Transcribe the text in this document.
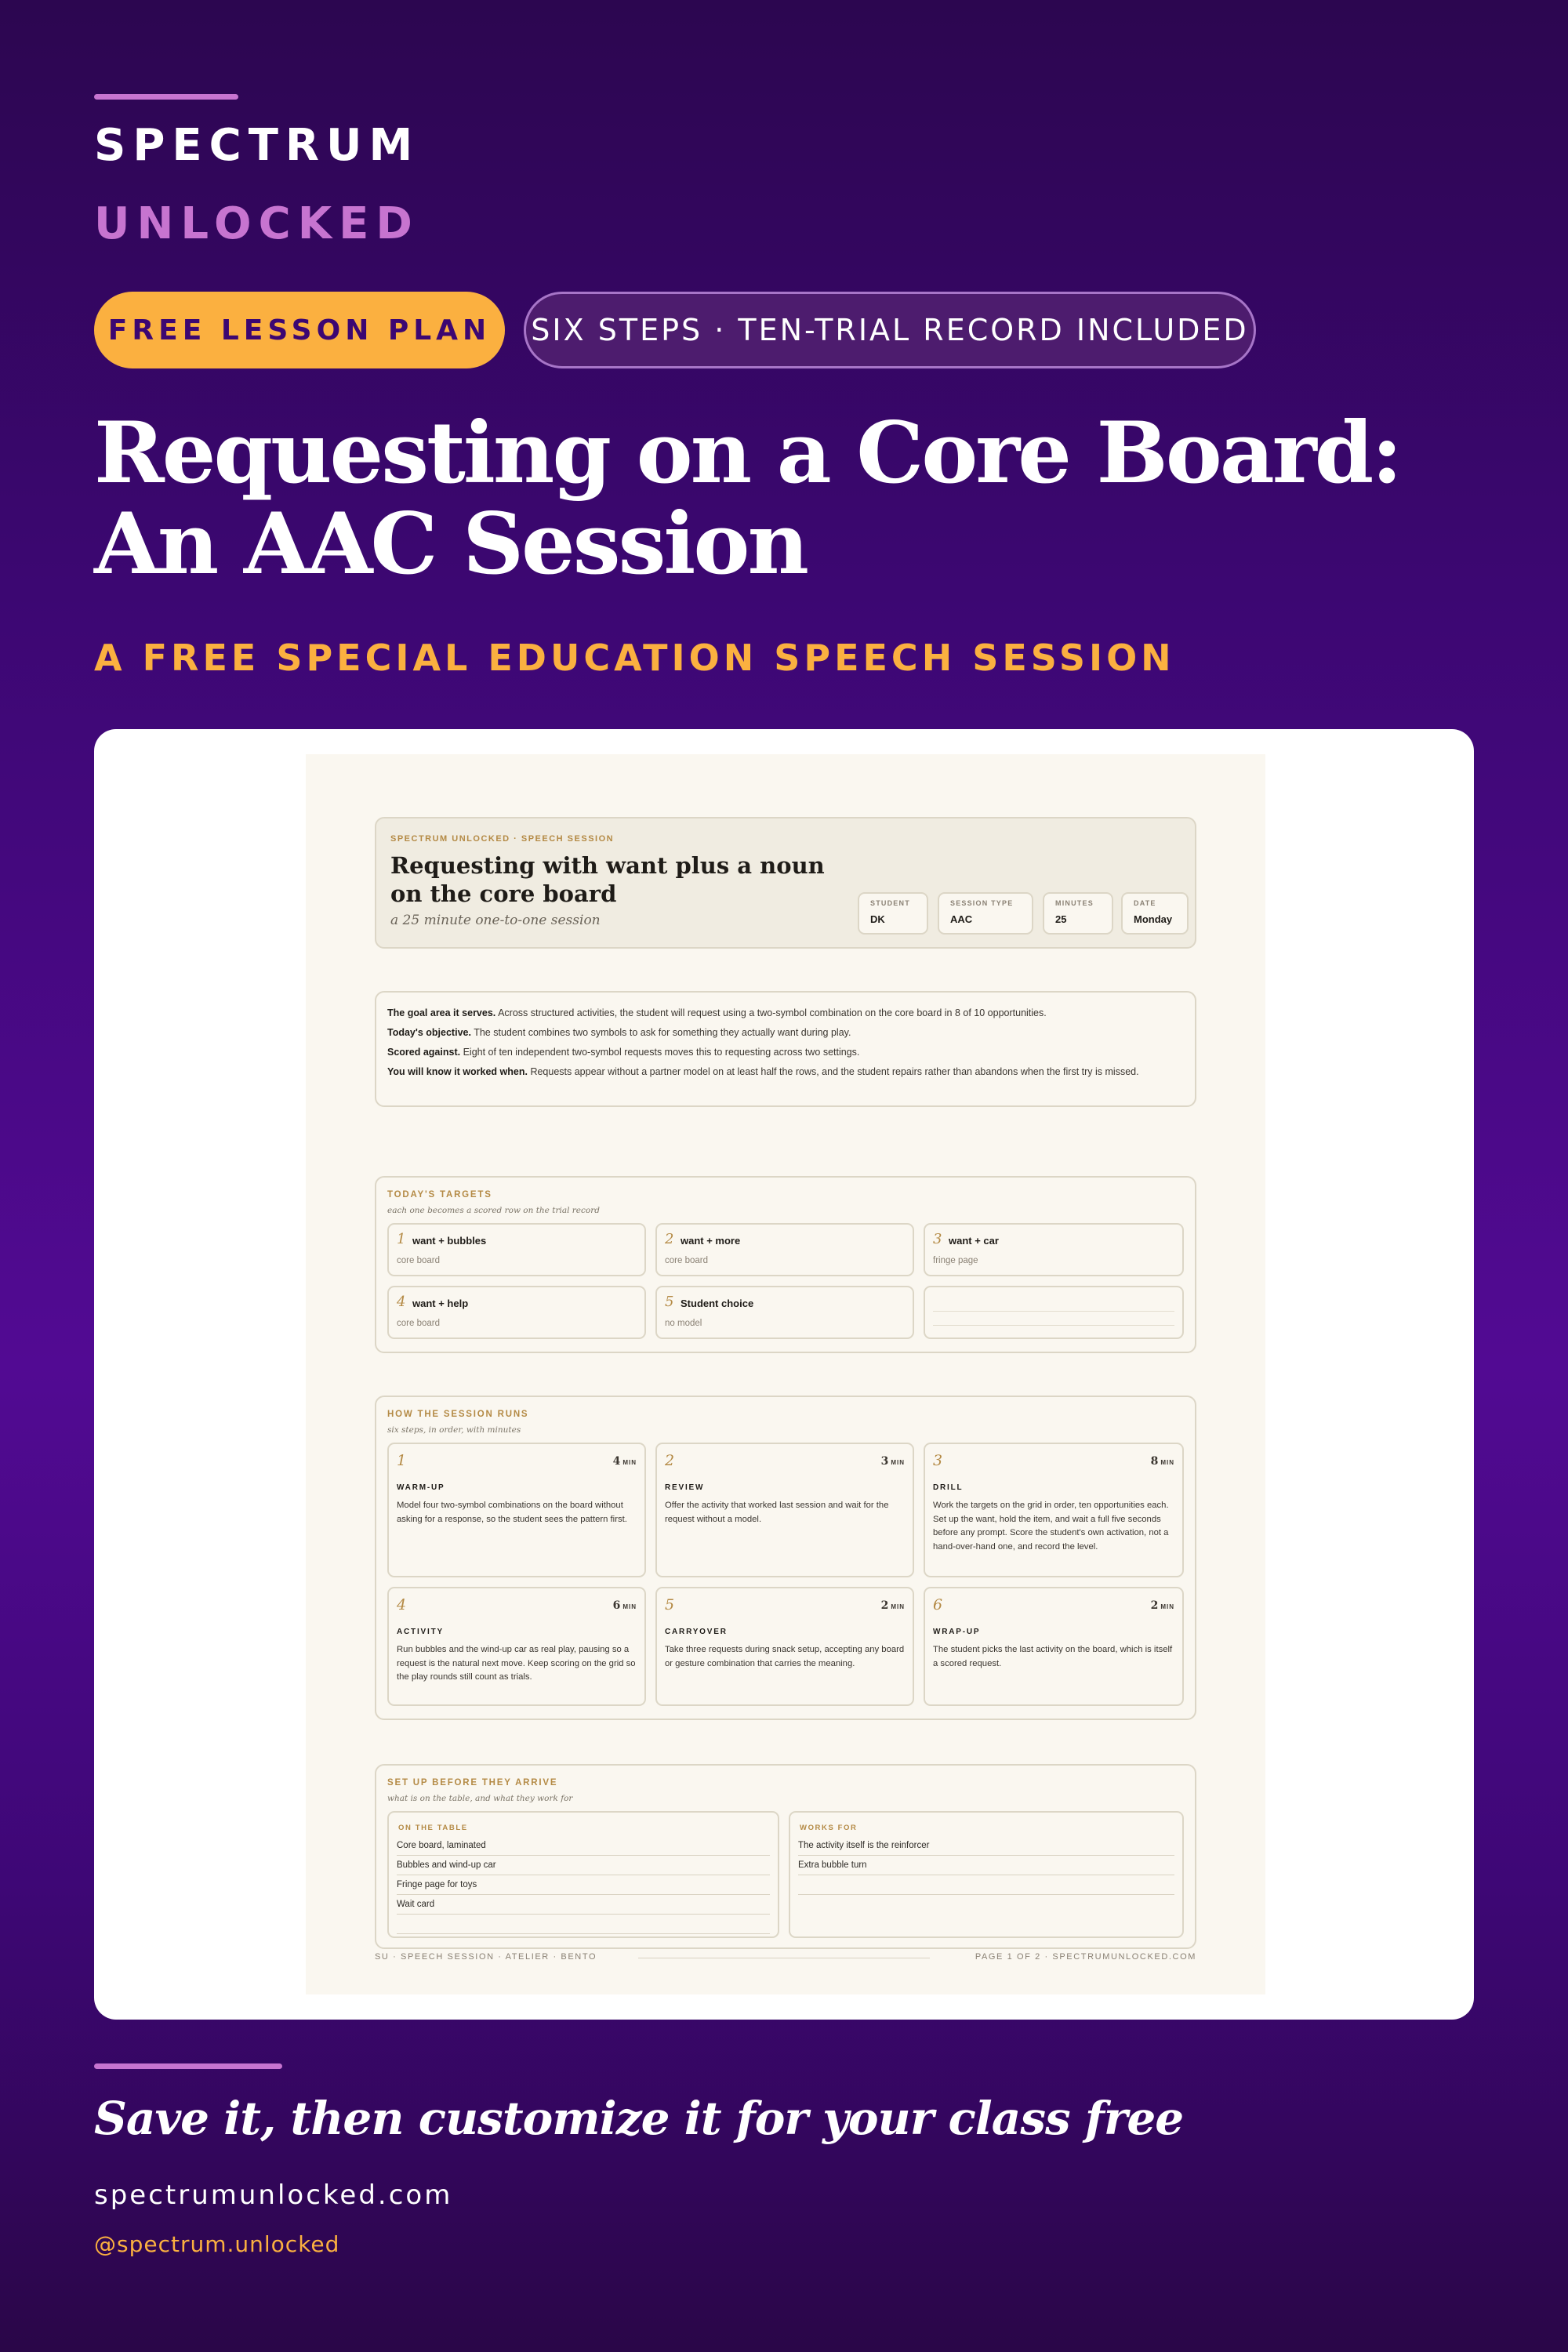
SPECTRUM
UNLOCKED
FREE LESSON PLAN	SIX STEPS · TEN-TRIAL RECORD INCLUDED
Requesting on a Core Board:
An AAC Session
A FREE SPECIAL EDUCATION SPEECH SESSION
SPECTRUM UNLOCKED · SPEECH SESSION
Requesting with want plus a noun
on the core board
a 25 minute one-to-one session
STUDENT
DK
SESSION TYPE
AAC
MINUTES
25
DATE
Monday
The goal area it serves. Across structured activities, the student will request using a two-symbol combination on the core board in 8 of 10 opportunities.
Today's objective. The student combines two symbols to ask for something they actually want during play.
Scored against. Eight of ten independent two-symbol requests moves this to requesting across two settings.
You will know it worked when. Requests appear without a partner model on at least half the rows, and the student repairs rather than abandons when the first try is missed.
TODAY'S TARGETS
each one becomes a scored row on the trial record
1 want + bubbles
core board
2 want + more
core board
3 want + car
fringe page
4 want + help
core board
5 Student choice
no model
HOW THE SESSION RUNS
six steps, in order, with minutes
1	4 MIN
WARM-UP
Model four two-symbol combinations on the board without asking for a response, so the student sees the pattern first.
2	3 MIN
REVIEW
Offer the activity that worked last session and wait for the request without a model.
3	8 MIN
DRILL
Work the targets on the grid in order, ten opportunities each. Set up the want, hold the item, and wait a full five seconds before any prompt. Score the student's own activation, not a hand-over-hand one, and record the level.
4	6 MIN
ACTIVITY
Run bubbles and the wind-up car as real play, pausing so a request is the natural next move. Keep scoring on the grid so the play rounds still count as trials.
5	2 MIN
CARRYOVER
Take three requests during snack setup, accepting any board or gesture combination that carries the meaning.
6	2 MIN
WRAP-UP
The student picks the last activity on the board, which is itself a scored request.
SET UP BEFORE THEY ARRIVE
what is on the table, and what they work for
ON THE TABLE
Core board, laminated
Bubbles and wind-up car
Fringe page for toys
Wait card
WORKS FOR
The activity itself is the reinforcer
Extra bubble turn
SU · SPEECH SESSION · ATELIER · BENTO	PAGE 1 OF 2 · SPECTRUMUNLOCKED.COM
Save it, then customize it for your class free
spectrumunlocked.com
@spectrum.unlocked
